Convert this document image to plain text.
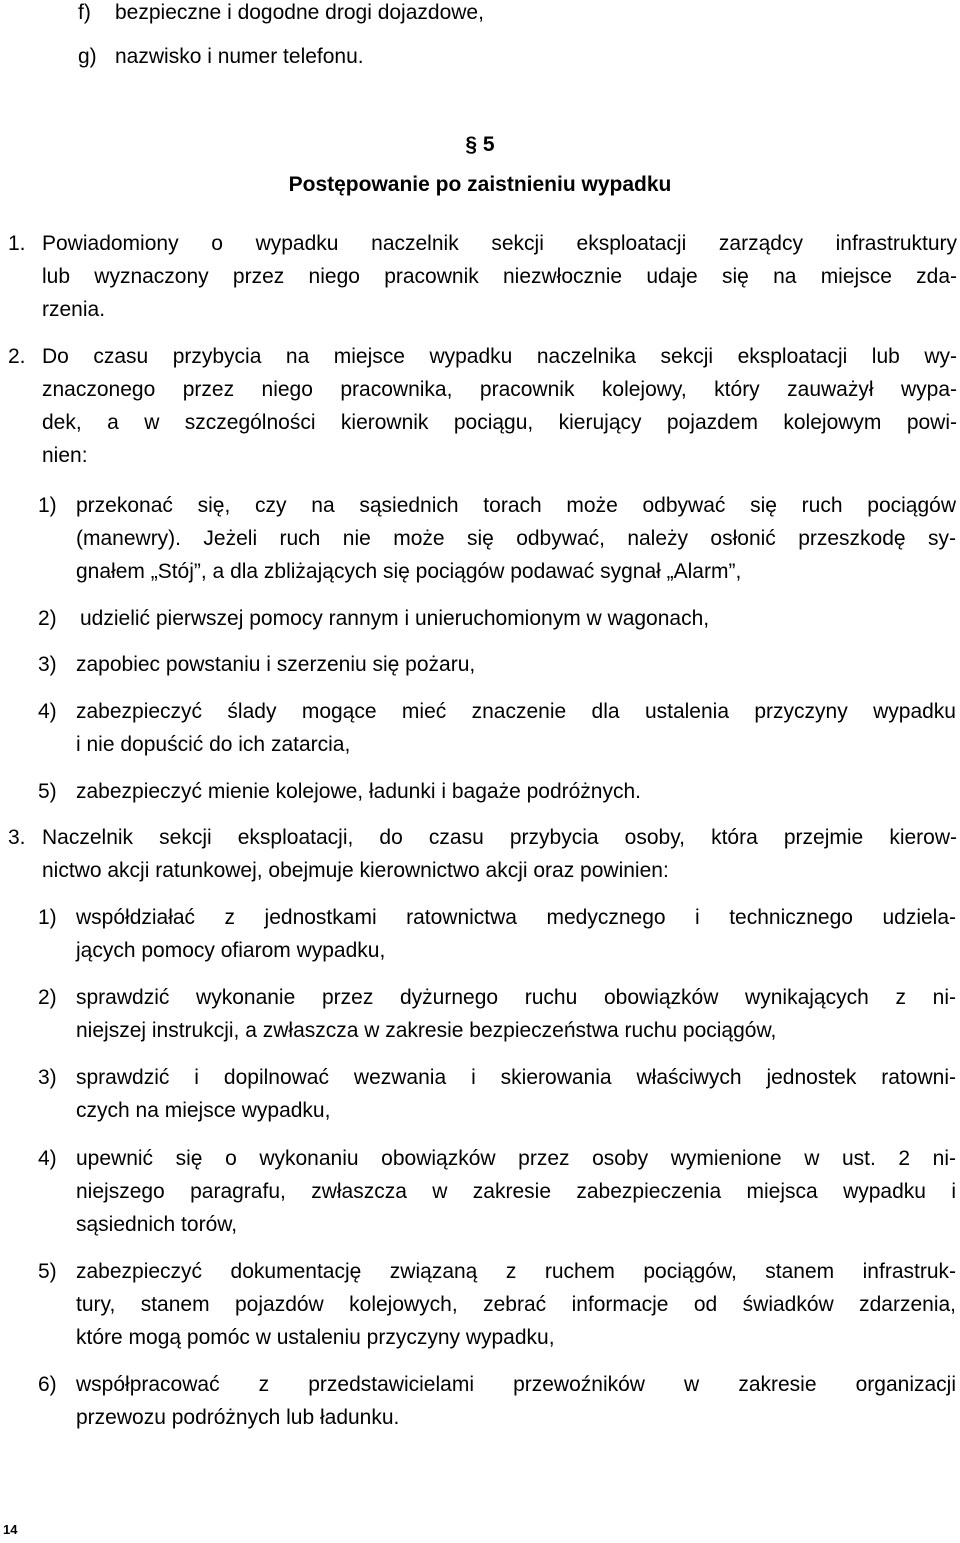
f) bezpieczne i dogodne drogi dojazdowe,
g) nazwisko i numer telefonu.
§ 5
Postępowanie po zaistnieniu wypadku
1. Powiadomiony o wypadku naczelnik sekcji eksploatacji zarządcy infrastruktury
lub wyznaczony przez niego pracownik niezwłocznie udaje się na miejsce zda-
rzenia.
2. Do czasu przybycia na miejsce wypadku naczelnika sekcji eksploatacji lub wy-
znaczonego przez niego pracownika, pracownik kolejowy, który zauważył wypa-
dek, a w szczególności kierownik pociągu, kierujący pojazdem kolejowym powi-
nien:
1) przekonać się, czy na sąsiednich torach może odbywać się ruch pociągów
(manewry). Jeżeli ruch nie może się odbywać, należy osłonić przeszkodę sy-
gnałem „Stój”, a dla zbliżających się pociągów podawać sygnał „Alarm”,
2) udzielić pierwszej pomocy rannym i unieruchomionym w wagonach,
3) zapobiec powstaniu i szerzeniu się pożaru,
4) zabezpieczyć ślady mogące mieć znaczenie dla ustalenia przyczyny wypadku
i nie dopuścić do ich zatarcia,
5) zabezpieczyć mienie kolejowe, ładunki i bagaże podróżnych.
3. Naczelnik sekcji eksploatacji, do czasu przybycia osoby, która przejmie kierow-
nictwo akcji ratunkowej, obejmuje kierownictwo akcji oraz powinien:
1) współdziałać z jednostkami ratownictwa medycznego i technicznego udziela-
jących pomocy ofiarom wypadku,
2) sprawdzić wykonanie przez dyżurnego ruchu obowiązków wynikających z ni-
niejszej instrukcji, a zwłaszcza w zakresie bezpieczeństwa ruchu pociągów,
3) sprawdzić i dopilnować wezwania i skierowania właściwych jednostek ratowni-
czych na miejsce wypadku,
4) upewnić się o wykonaniu obowiązków przez osoby wymienione w ust. 2 ni-
niejszego paragrafu, zwłaszcza w zakresie zabezpieczenia miejsca wypadku i
sąsiednich torów,
5) zabezpieczyć dokumentację związaną z ruchem pociągów, stanem infrastruk-
tury, stanem pojazdów kolejowych, zebrać informacje od świadków zdarzenia,
które mogą pomóc w ustaleniu przyczyny wypadku,
6) współpracować z przedstawicielami przewoźników w zakresie organizacji
przewozu podróżnych lub ładunku.
14
